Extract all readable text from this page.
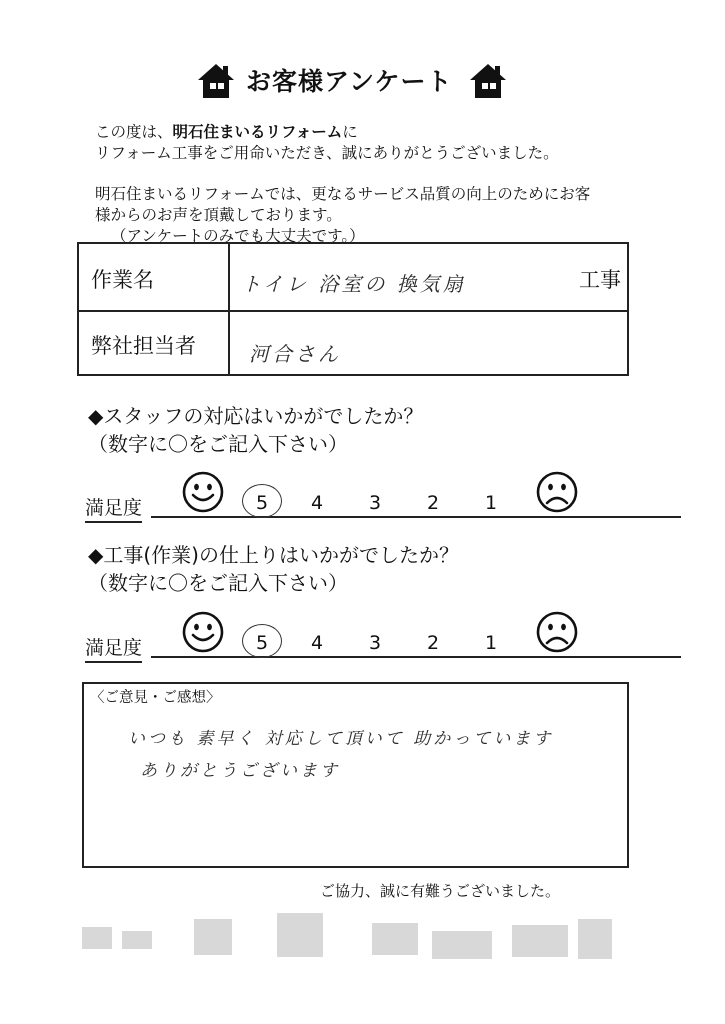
お客様アンケート
この度は、明石住まいるリフォームに
リフォーム工事をご用命いただき、誠にありがとうございました。
明石住まいるリフォームでは、更なるサービス品質の向上のためにお客
様からのお声を頂戴しております。
（アンケートのみでも大丈夫です。）
作業名	トイレ 浴室の 換気扇	工事
弊社担当者	河合さん
◆スタッフの対応はいかがでしたか？
（数字に〇をご記入下さい）
満足度	5 4 3 2 1
◆工事(作業)の仕上りはいかがでしたか？
（数字に〇をご記入下さい）
満足度	5 4 3 2 1
〈ご意見・ご感想〉
いつも 素早く 対応して頂いて 助かっています
ありがとうございます
ご協力、誠に有難うございました。
